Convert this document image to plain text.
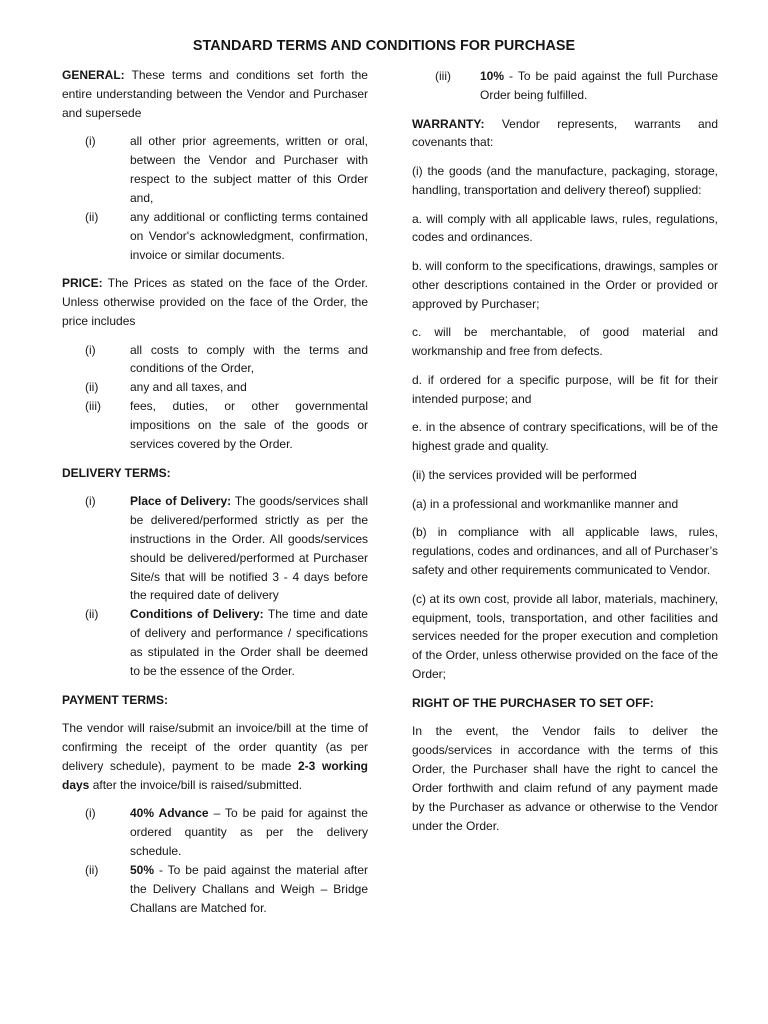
STANDARD TERMS AND CONDITIONS FOR PURCHASE

GENERAL: These terms and conditions set forth the entire understanding between the Vendor and Purchaser and supersede

(i)	all other prior agreements, written or oral, between the Vendor and Purchaser with respect to the subject matter of this Order and,
(ii)	any additional or conflicting terms contained on Vendor's acknowledgment, confirmation, invoice or similar documents.

PRICE: The Prices as stated on the face of the Order. Unless otherwise provided on the face of the Order, the price includes

(i)	all costs to comply with the terms and conditions of the Order,
(ii)	any and all taxes, and
(iii)	fees, duties, or other governmental impositions on the sale of the goods or services covered by the Order.

DELIVERY TERMS:

(i)	Place of Delivery: The goods/services shall be delivered/performed strictly as per the instructions in the Order. All goods/services should be delivered/performed at Purchaser Site/s that will be notified 3 - 4 days before the required date of delivery
(ii)	Conditions of Delivery: The time and date of delivery and performance / specifications as stipulated in the Order shall be deemed to be the essence of the Order.

PAYMENT TERMS:

The vendor will raise/submit an invoice/bill at the time of confirming the receipt of the order quantity (as per delivery schedule), payment to be made 2-3 working days after the invoice/bill is raised/submitted.

(i)	40% Advance – To be paid for against the ordered quantity as per the delivery schedule.
(ii)	50% - To be paid against the material after the Delivery Challans and Weigh – Bridge Challans are Matched for.
(iii)	10% - To be paid against the full Purchase Order being fulfilled.

WARRANTY: Vendor represents, warrants and covenants that:

(i) the goods (and the manufacture, packaging, storage, handling, transportation and delivery thereof) supplied:

a. will comply with all applicable laws, rules, regulations, codes and ordinances.

b. will conform to the specifications, drawings, samples or other descriptions contained in the Order or provided or approved by Purchaser;

c. will be merchantable, of good material and workmanship and free from defects.

d. if ordered for a specific purpose, will be fit for their intended purpose; and

e. in the absence of contrary specifications, will be of the highest grade and quality.

(ii) the services provided will be performed

(a) in a professional and workmanlike manner and

(b) in compliance with all applicable laws, rules, regulations, codes and ordinances, and all of Purchaser’s safety and other requirements communicated to Vendor.

(c) at its own cost, provide all labor, materials, machinery, equipment, tools, transportation, and other facilities and services needed for the proper execution and completion of the Order, unless otherwise provided on the face of the Order;

RIGHT OF THE PURCHASER TO SET OFF:

In the event, the Vendor fails to deliver the goods/services in accordance with the terms of this Order, the Purchaser shall have the right to cancel the Order forthwith and claim refund of any payment made by the Purchaser as advance or otherwise to the Vendor under the Order.
